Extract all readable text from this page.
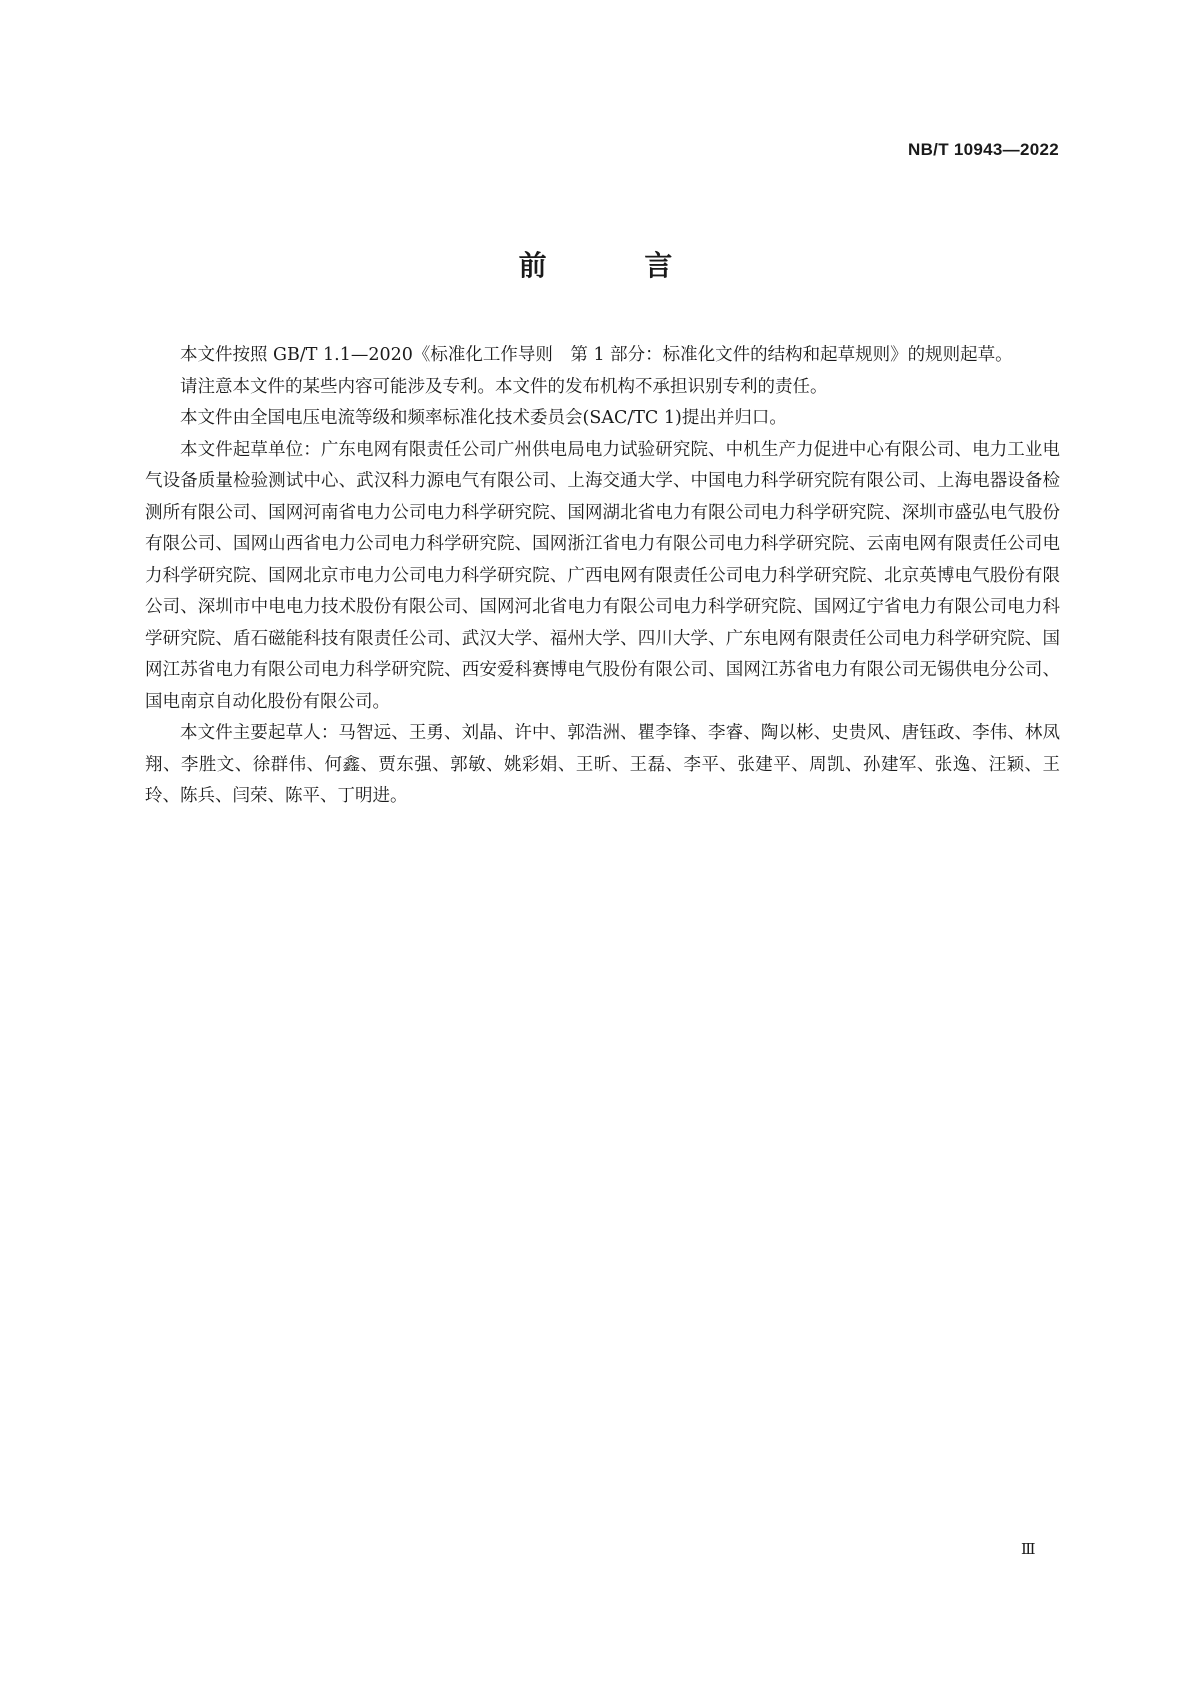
NB/T 10943—2022
前 言

本文件按照 GB/T 1.1—2020《标准化工作导则　第 1 部分：标准化文件的结构和起草规则》的规则起草。

请注意本文件的某些内容可能涉及专利。本文件的发布机构不承担识别专利的责任。

本文件由全国电压电流等级和频率标准化技术委员会(SAC/TC 1)提出并归口。

本文件起草单位：广东电网有限责任公司广州供电局电力试验研究院、中机生产力促进中心有限公司、电力工业电气设备质量检验测试中心、武汉科力源电气有限公司、上海交通大学、中国电力科学研究院有限公司、上海电器设备检测所有限公司、国网河南省电力公司电力科学研究院、国网湖北省电力有限公司电力科学研究院、深圳市盛弘电气股份有限公司、国网山西省电力公司电力科学研究院、国网浙江省电力有限公司电力科学研究院、云南电网有限责任公司电力科学研究院、国网北京市电力公司电力科学研究院、广西电网有限责任公司电力科学研究院、北京英博电气股份有限公司、深圳市中电电力技术股份有限公司、国网河北省电力有限公司电力科学研究院、国网辽宁省电力有限公司电力科学研究院、盾石磁能科技有限责任公司、武汉大学、福州大学、四川大学、广东电网有限责任公司电力科学研究院、国网江苏省电力有限公司电力科学研究院、西安爱科赛博电气股份有限公司、国网江苏省电力有限公司无锡供电分公司、国电南京自动化股份有限公司。

本文件主要起草人：马智远、王勇、刘晶、许中、郭浩洲、瞿李锋、李睿、陶以彬、史贵风、唐钰政、李伟、林凤翔、李胜文、徐群伟、何鑫、贾东强、郭敏、姚彩娟、王昕、王磊、李平、张建平、周凯、孙建军、张逸、汪颖、王玲、陈兵、闫荣、陈平、丁明进。

Ⅲ
